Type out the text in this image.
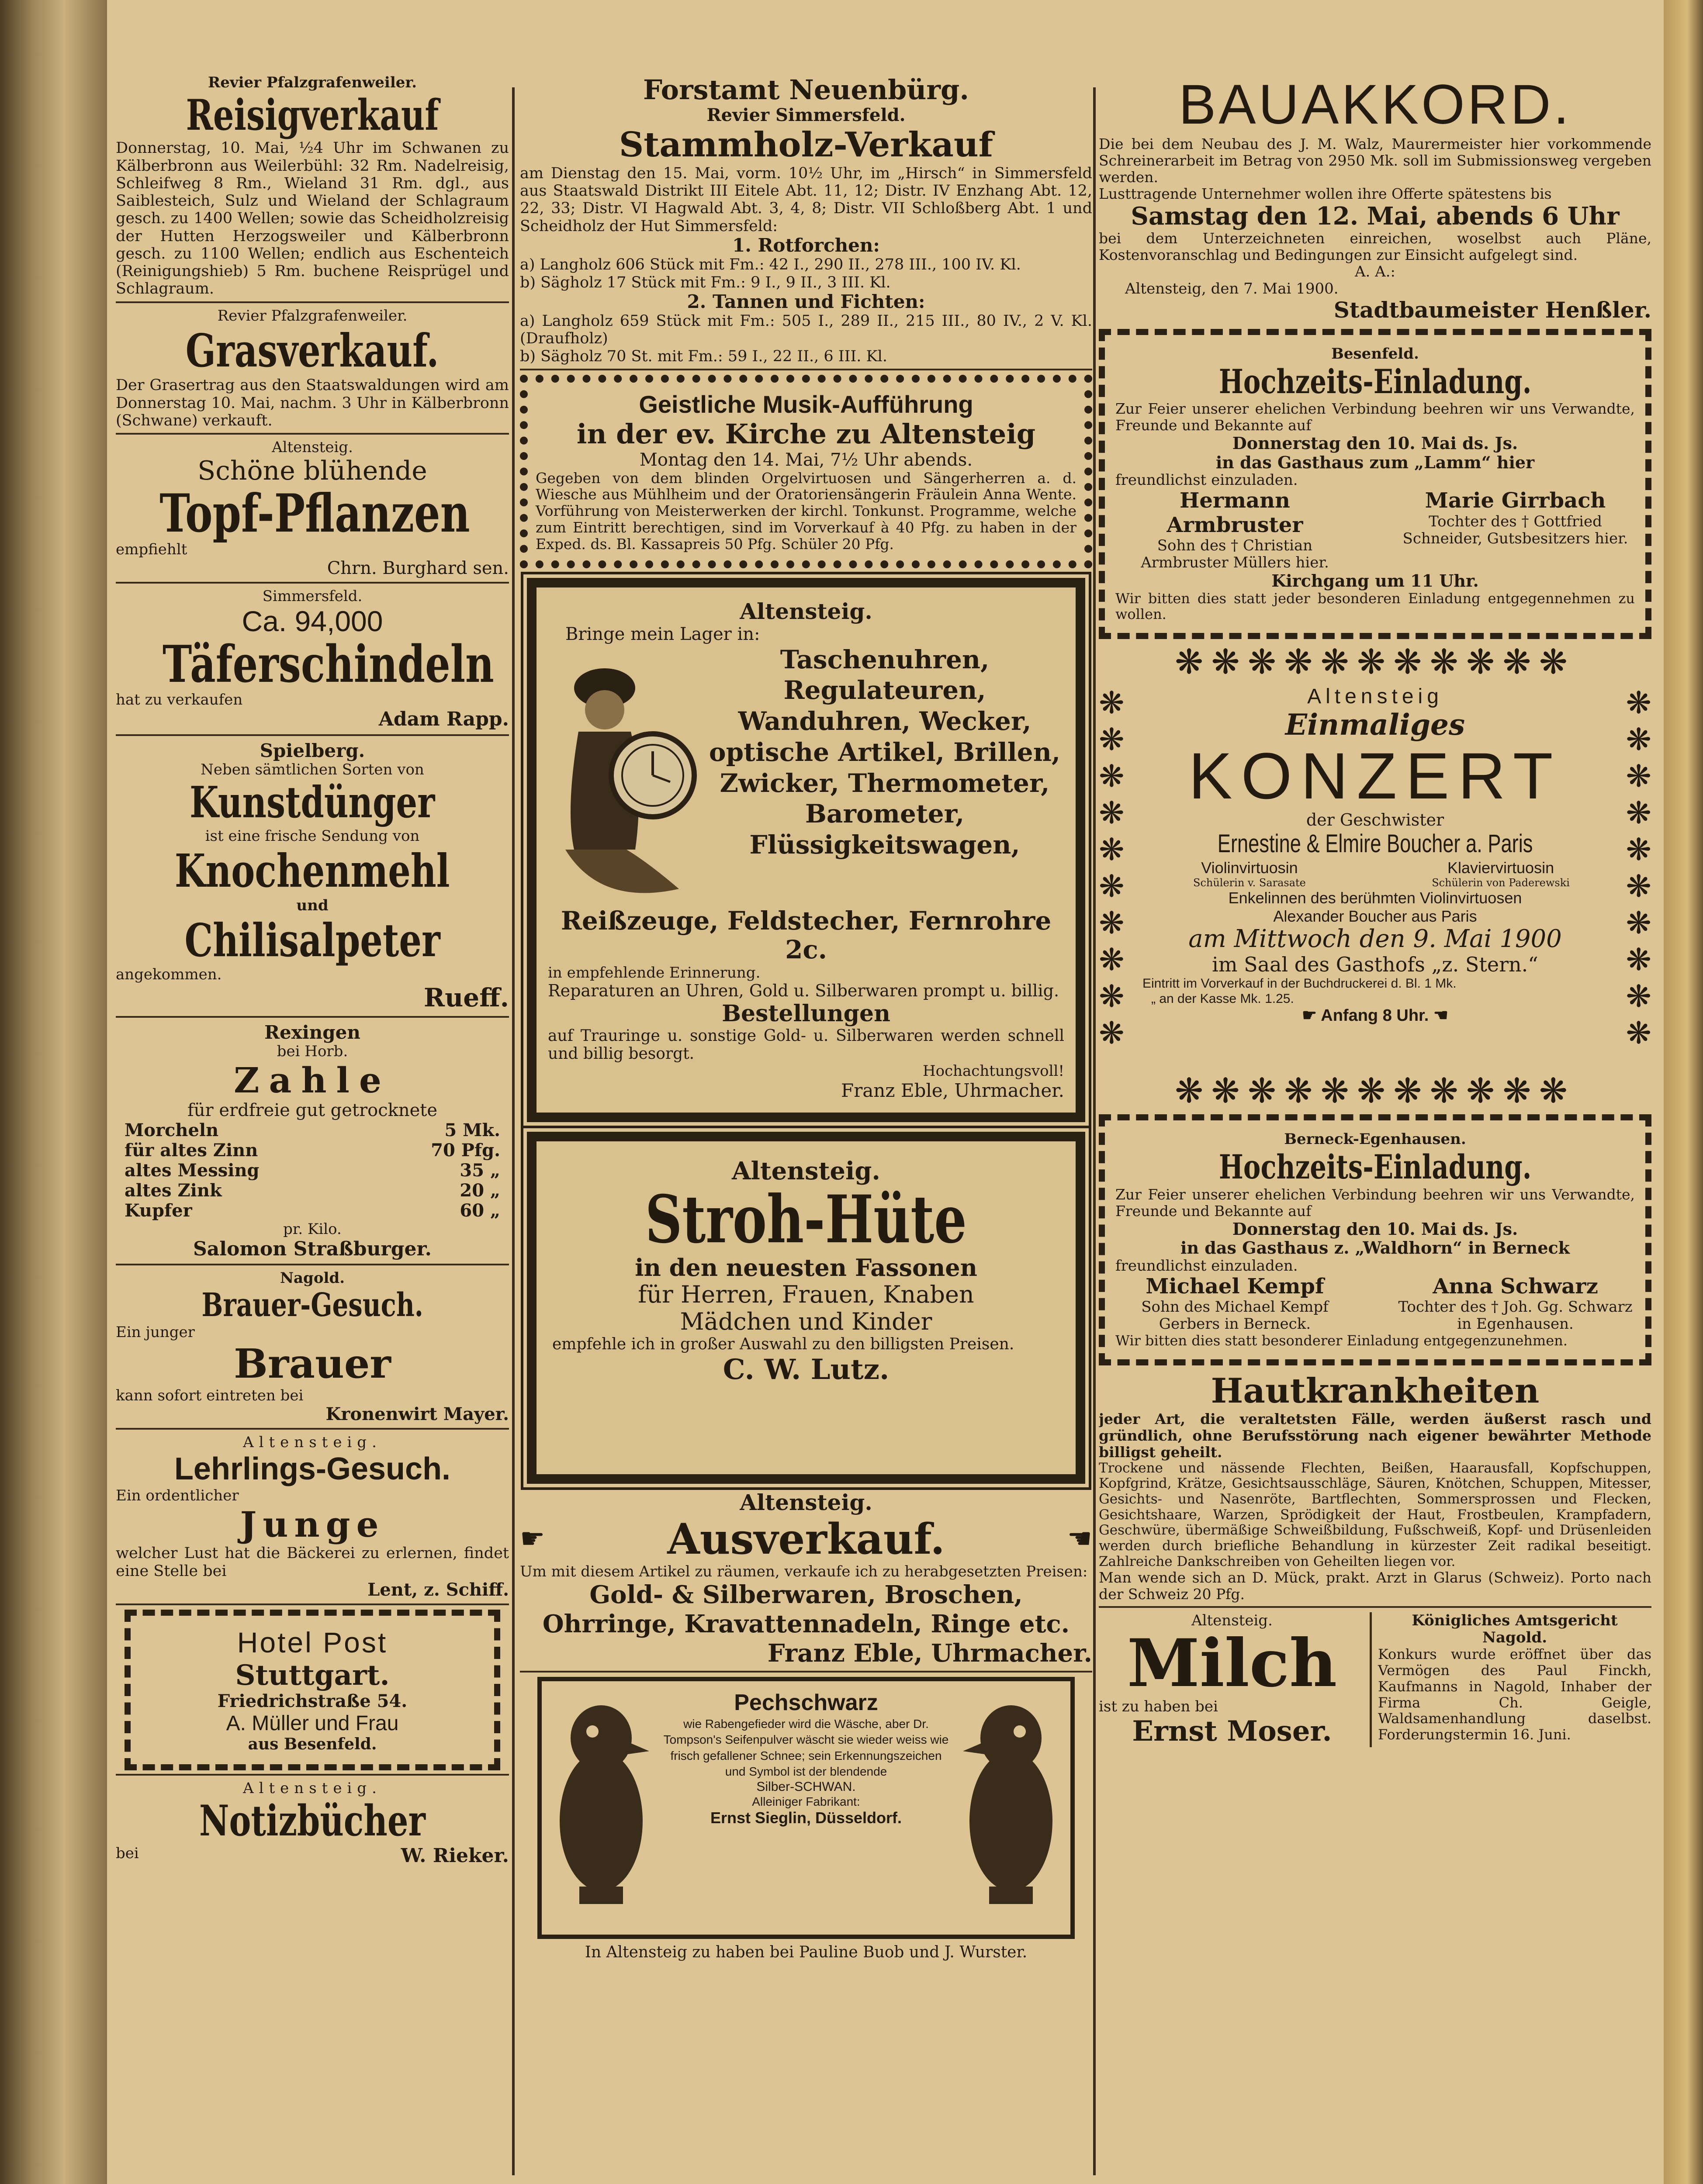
Revier Pfalzgrafenweiler.
Reisigverkauf
Donnerstag, 10. Mai, ½4 Uhr im Schwanen zu Kälberbronn aus Weilerbühl: 32 Rm. Nadelreisig, Schleifweg 8 Rm., Wieland 31 Rm. dgl., aus Saiblesteich, Sulz und Wieland der Schlagraum gesch. zu 1400 Wellen; sowie das Scheidholzreisig der Hutten Herzogsweiler und Kälberbronn gesch. zu 1100 Wellen; endlich aus Eschenteich (Reinigungshieb) 5 Rm. buchene Reisprügel und Schlagraum.
Revier Pfalzgrafenweiler.
Grasverkauf.
Der Grasertrag aus den Staatswaldungen wird am Donnerstag 10. Mai, nachm. 3 Uhr in Kälberbronn (Schwane) verkauft.
Altensteig.
Schöne blühende
Topf-Pflanzen
empfiehlt
Chrn. Burghard sen.
Simmersfeld.
Ca. 94,000
Täferschindeln
hat zu verkaufen
Adam Rapp.
Spielberg.
Neben sämtlichen Sorten von
Kunstdünger
ist eine frische Sendung von
Knochenmehl
und
Chilisalpeter
angekommen.
Rueff.
Rexingen
bei Horb.
Zahle
für erdfreie gut getrocknete
Morcheln	5 Mk.
für altes Zinn	70 Pfg.
altes Messing	35 „
altes Zink	20 „
Kupfer	60 „
pr. Kilo.
Salomon Straßburger.
Nagold.
Brauer-Gesuch.
Ein junger
Brauer
kann sofort eintreten bei
Kronenwirt Mayer.
Altensteig.
Lehrlings-Gesuch.
Ein ordentlicher
Junge
welcher Lust hat die Bäckerei zu erlernen, findet eine Stelle bei
Lent, z. Schiff.
Hotel Post
Stuttgart.
Friedrichstraße 54.
A. Müller und Frau
aus Besenfeld.
Altensteig.
Notizbücher
bei	W. Rieker.
Forstamt Neuenbürg.
Revier Simmersfeld.
Stammholz-Verkauf
am Dienstag den 15. Mai, vorm. 10½ Uhr, im „Hirsch“ in Simmersfeld aus Staatswald Distrikt III Eitele Abt. 11, 12; Distr. IV Enzhang Abt. 12, 22, 33; Distr. VI Hagwald Abt. 3, 4, 8; Distr. VII Schloßberg Abt. 1 und Scheidholz der Hut Simmersfeld:
1. Rotforchen:
a) Langholz 606 Stück mit Fm.: 42 I., 290 II., 278 III., 100 IV. Kl.
b) Sägholz 17 Stück mit Fm.: 9 I., 9 II., 3 III. Kl.
2. Tannen und Fichten:
a) Langholz 659 Stück mit Fm.: 505 I., 289 II., 215 III., 80 IV., 2 V. Kl. (Draufholz)
b) Sägholz 70 St. mit Fm.: 59 I., 22 II., 6 III. Kl.
Geistliche Musik-Aufführung
in der ev. Kirche zu Altensteig
Montag den 14. Mai, 7½ Uhr abends.
Gegeben von dem blinden Orgelvirtuosen und Sängerherren a. d. Wiesche aus Mühlheim und der Oratoriensängerin Fräulein Anna Wente. Vorführung von Meisterwerken der kirchl. Tonkunst. Programme, welche zum Eintritt berechtigen, sind im Vorverkauf à 40 Pfg. zu haben in der Exped. ds. Bl. Kassapreis 50 Pfg. Schüler 20 Pfg.
Altensteig.
Bringe mein Lager in:
Taschenuhren, Regulateuren, Wanduhren, Wecker, optische Artikel, Brillen, Zwicker, Thermometer, Barometer, Flüssigkeitswagen,
Reißzeuge, Feldstecher, Fernrohre 2c.
in empfehlende Erinnerung.
Reparaturen an Uhren, Gold u. Silberwaren prompt u. billig.
Bestellungen
auf Trauringe u. sonstige Gold- u. Silberwaren werden schnell und billig besorgt.
Hochachtungsvoll!
Franz Eble, Uhrmacher.
Altensteig.
Stroh-Hüte
in den neuesten Fassonen
für Herren, Frauen, Knaben
Mädchen und Kinder
empfehle ich in großer Auswahl zu den billigsten Preisen.
C. W. Lutz.
Altensteig.
☛	Ausverkauf.	☚
Um mit diesem Artikel zu räumen, verkaufe ich zu herabgesetzten Preisen:
Gold- & Silberwaren, Broschen, Ohrringe, Kravattennadeln, Ringe etc.
Franz Eble, Uhrmacher.
Pechschwarz
wie Rabengefieder wird die Wäsche, aber Dr. Tompson's Seifenpulver wäscht sie wieder weiss wie frisch gefallener Schnee; sein Erkennungszeichen und Symbol ist der blendende
Silber-SCHWAN.
Alleiniger Fabrikant:
Ernst Sieglin, Düsseldorf.
In Altensteig zu haben bei Pauline Buob und J. Wurster.
BAUAKKORD.
Die bei dem Neubau des J. M. Walz, Maurermeister hier vorkommende Schreinerarbeit im Betrag von 2950 Mk. soll im Submissionsweg vergeben werden.
Lusttragende Unternehmer wollen ihre Offerte spätestens bis
Samstag den 12. Mai, abends 6 Uhr
bei dem Unterzeichneten einreichen, woselbst auch Pläne, Kostenvoranschlag und Bedingungen zur Einsicht aufgelegt sind.
A. A.:
Altensteig, den 7. Mai 1900.
Stadtbaumeister Henßler.
Besenfeld.
Hochzeits-Einladung.
Zur Feier unserer ehelichen Verbindung beehren wir uns Verwandte, Freunde und Bekannte auf
Donnerstag den 10. Mai ds. Js.
in das Gasthaus zum „Lamm“ hier
freundlichst einzuladen.
Hermann Armbruster
Sohn des † Christian Armbruster Müllers hier.
Marie Girrbach
Tochter des † Gottfried Schneider, Gutsbesitzers hier.
Kirchgang um 11 Uhr.
Wir bitten dies statt jeder besonderen Einladung entgegennehmen zu wollen.
❋❋❋❋❋❋❋❋❋❋❋
❋
❋
❋
❋
❋
❋
❋
❋
❋
❋
❋
❋
❋
❋
❋
❋
❋
❋
❋
❋
Altensteig
Einmaliges
KONZERT
der Geschwister
Ernestine & Elmire Boucher a. Paris
Violinvirtuosin	Klaviervirtuosin
Schülerin v. Sarasate	Schülerin von Paderewski
Enkelinnen des berühmten Violinvirtuosen
Alexander Boucher aus Paris
am Mittwoch den 9. Mai 1900
im Saal des Gasthofs „z. Stern.“
Eintritt im Vorverkauf in der Buchdruckerei d. Bl. 1 Mk.
„ an der Kasse Mk. 1.25.
☛ Anfang 8 Uhr. ☚
❋❋❋❋❋❋❋❋❋❋❋
Berneck-Egenhausen.
Hochzeits-Einladung.
Zur Feier unserer ehelichen Verbindung beehren wir uns Verwandte, Freunde und Bekannte auf
Donnerstag den 10. Mai ds. Js.
in das Gasthaus z. „Waldhorn“ in Berneck
freundlichst einzuladen.
Michael Kempf
Sohn des Michael Kempf Gerbers in Berneck.
Anna Schwarz
Tochter des † Joh. Gg. Schwarz in Egenhausen.
Wir bitten dies statt besonderer Einladung entgegenzunehmen.
Hautkrankheiten
jeder Art, die veraltetsten Fälle, werden äußerst rasch und gründlich, ohne Berufsstörung nach eigener bewährter Methode billigst geheilt.
Trockene und nässende Flechten, Beißen, Haarausfall, Kopfschuppen, Kopfgrind, Krätze, Gesichtsausschläge, Säuren, Knötchen, Schuppen, Mitesser, Gesichts- und Nasenröte, Bartflechten, Sommersprossen und Flecken, Gesichtshaare, Warzen, Sprödigkeit der Haut, Frostbeulen, Krampfadern, Geschwüre, übermäßige Schweißbildung, Fußschweiß, Kopf- und Drüsenleiden werden durch briefliche Behandlung in kürzester Zeit radikal beseitigt. Zahlreiche Dankschreiben von Geheilten liegen vor.
Man wende sich an D. Mück, prakt. Arzt in Glarus (Schweiz). Porto nach der Schweiz 20 Pfg.
Altensteig.
Milch
ist zu haben bei
Ernst Moser.
Königliches Amtsgericht Nagold.
Konkurs wurde eröffnet über das Vermögen des Paul Finckh, Kaufmanns in Nagold, Inhaber der Firma Ch. Geigle, Waldsamenhandlung daselbst. Forderungstermin 16. Juni.
